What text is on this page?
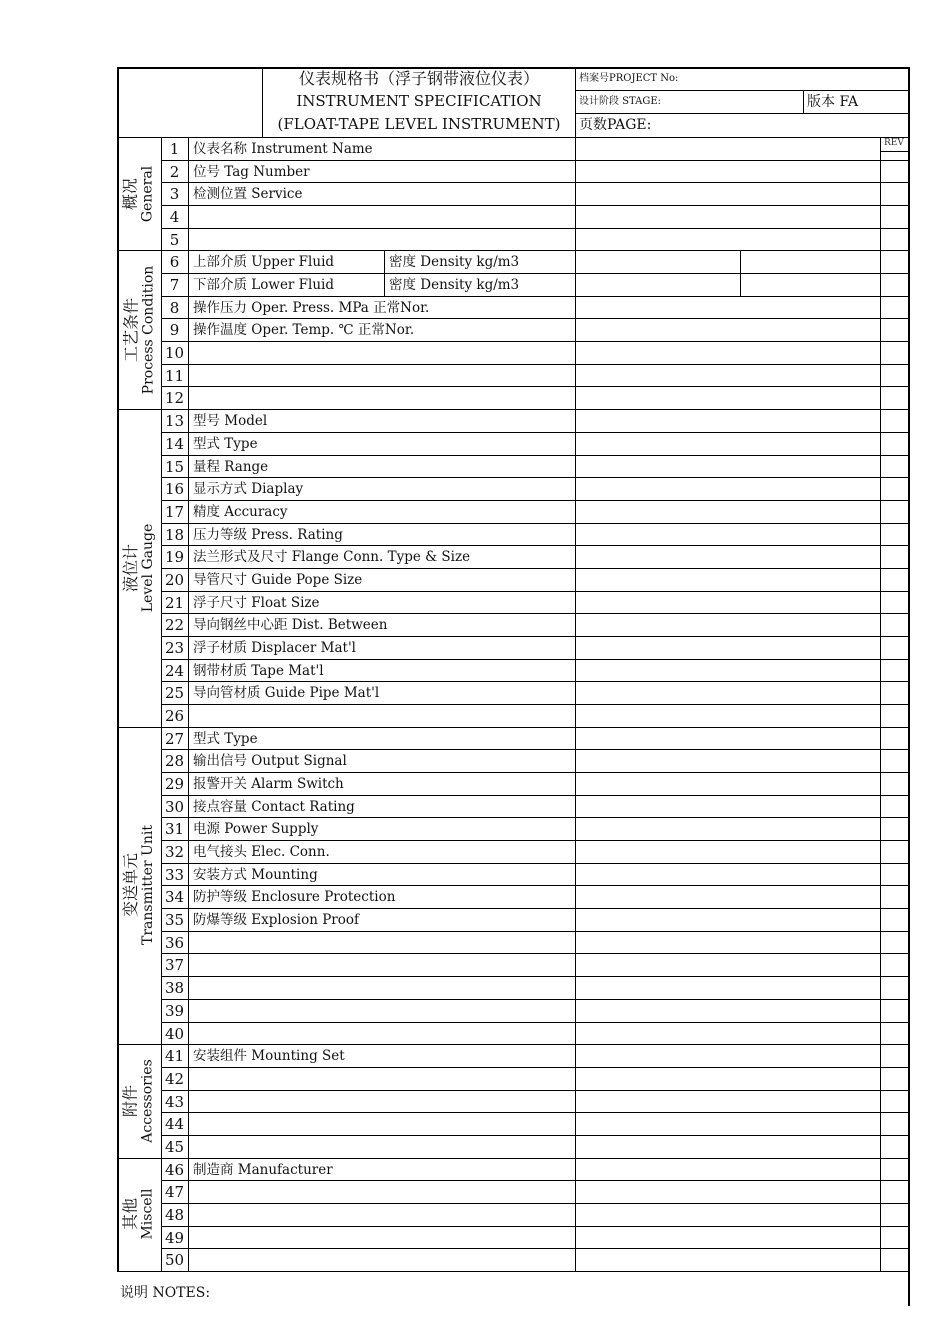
仪表规格书（浮子钢带液位仪表）
INSTRUMENT SPECIFICATION
(FLOAT-TAPE LEVEL INSTRUMENT)
档案号PROJECT No:
设计阶段 STAGE:	版本 FA
页数PAGE:
REV
说明 NOTES:
1	仪表名称 Instrument Name
2	位号 Tag Number
3	检测位置 Service
4
5
6	上部介质 Upper Fluid	密度 Density kg/m3
7	下部介质 Lower Fluid	密度 Density kg/m3
8	操作压力 Oper. Press. MPa 正常Nor.
9	操作温度 Oper. Temp. ℃ 正常Nor.
10
11
12
13 型号 Model
14 型式 Type
15 量程 Range
16 显示方式 Diaplay
17 精度 Accuracy
18 压力等级 Press. Rating
19 法兰形式及尺寸 Flange Conn. Type & Size
20 导管尺寸 Guide Pope Size
21 浮子尺寸 Float Size
22 导向钢丝中心距 Dist. Between
23 浮子材质 Displacer Mat'l
24 钢带材质 Tape Mat'l
25 导向管材质 Guide Pipe Mat'l
26
27 型式 Type
28 输出信号 Output Signal
29 报警开关 Alarm Switch
30 接点容量 Contact Rating
31 电源 Power Supply
32 电气接头 Elec. Conn.
33 安装方式 Mounting
34 防护等级 Enclosure Protection
35 防爆等级 Explosion Proof
36
37
38
39
40
41 安装组件 Mounting Set
42
43
44
45
46 制造商 Manufacturer
47
48
49
50
概况 General
工艺条件 Process Condition
液位计 Level Gauge
变送单元 Transmitter Unit
附件 Accessories
其他 Miscell
